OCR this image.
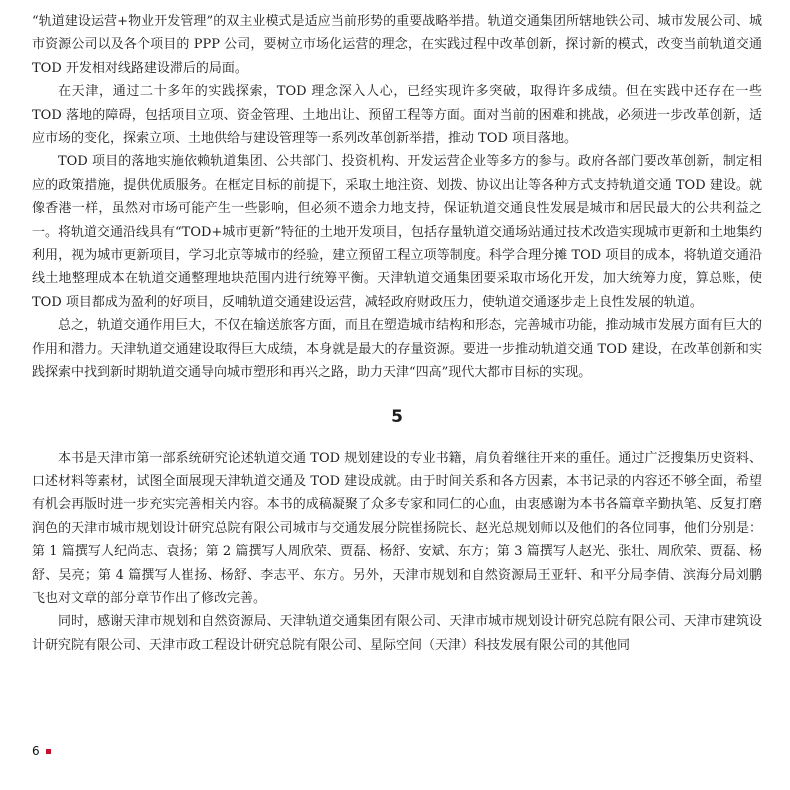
“轨道建设运营+物业开发管理”的双主业模式是适应当前形势的重要战略举措。轨道交通集团所辖地铁公司、城市发展公司、城市资源公司以及各个项目的 PPP 公司，要树立市场化运营的理念，在实践过程中改革创新，探讨新的模式，改变当前轨道交通 TOD 开发相对线路建设滞后的局面。

在天津，通过二十多年的实践探索，TOD 理念深入人心，已经实现许多突破，取得许多成绩。但在实践中还存在一些 TOD 落地的障碍，包括项目立项、资金管理、土地出让、预留工程等方面。面对当前的困难和挑战，必须进一步改革创新，适应市场的变化，探索立项、土地供给与建设管理等一系列改革创新举措，推动 TOD 项目落地。

TOD 项目的落地实施依赖轨道集团、公共部门、投资机构、开发运营企业等多方的参与。政府各部门要改革创新，制定相应的政策措施，提供优质服务。在框定目标的前提下，采取土地注资、划拨、协议出让等各种方式支持轨道交通 TOD 建设。就像香港一样，虽然对市场可能产生一些影响，但必须不遗余力地支持，保证轨道交通良性发展是城市和居民最大的公共利益之一。将轨道交通沿线具有“TOD+城市更新”特征的土地开发项目，包括存量轨道交通场站通过技术改造实现城市更新和土地集约利用，视为城市更新项目，学习北京等城市的经验，建立预留工程立项等制度。科学合理分摊 TOD 项目的成本，将轨道交通沿线土地整理成本在轨道交通整理地块范围内进行统筹平衡。天津轨道交通集团要采取市场化开发，加大统筹力度，算总账，使 TOD 项目都成为盈利的好项目，反哺轨道交通建设运营，减轻政府财政压力，使轨道交通逐步走上良性发展的轨道。

总之，轨道交通作用巨大，不仅在输送旅客方面，而且在塑造城市结构和形态，完善城市功能，推动城市发展方面有巨大的作用和潜力。天津轨道交通建设取得巨大成绩，本身就是最大的存量资源。要进一步推动轨道交通 TOD 建设，在改革创新和实践探索中找到新时期轨道交通导向城市塑形和再兴之路，助力天津“四高”现代大都市目标的实现。

5

本书是天津市第一部系统研究论述轨道交通 TOD 规划建设的专业书籍，肩负着继往开来的重任。通过广泛搜集历史资料、口述材料等素材，试图全面展现天津轨道交通及 TOD 建设成就。由于时间关系和各方因素，本书记录的内容还不够全面，希望有机会再版时进一步充实完善相关内容。本书的成稿凝聚了众多专家和同仁的心血，由衷感谢为本书各篇章辛勤执笔、反复打磨润色的天津市城市规划设计研究总院有限公司城市与交通发展分院崔扬院长、赵光总规划师以及他们的各位同事，他们分别是：第 1 篇撰写人纪尚志、袁扬；第 2 篇撰写人周欣荣、贾磊、杨舒、安斌、东方；第 3 篇撰写人赵光、张壮、周欣荣、贾磊、杨舒、吴亮；第 4 篇撰写人崔扬、杨舒、李志平、东方。另外，天津市规划和自然资源局王亚轩、和平分局李倩、滨海分局刘鹏飞也对文章的部分章节作出了修改完善。

同时，感谢天津市规划和自然资源局、天津轨道交通集团有限公司、天津市城市规划设计研究总院有限公司、天津市建筑设计研究院有限公司、天津市政工程设计研究总院有限公司、星际空间（天津）科技发展有限公司的其他同

6
